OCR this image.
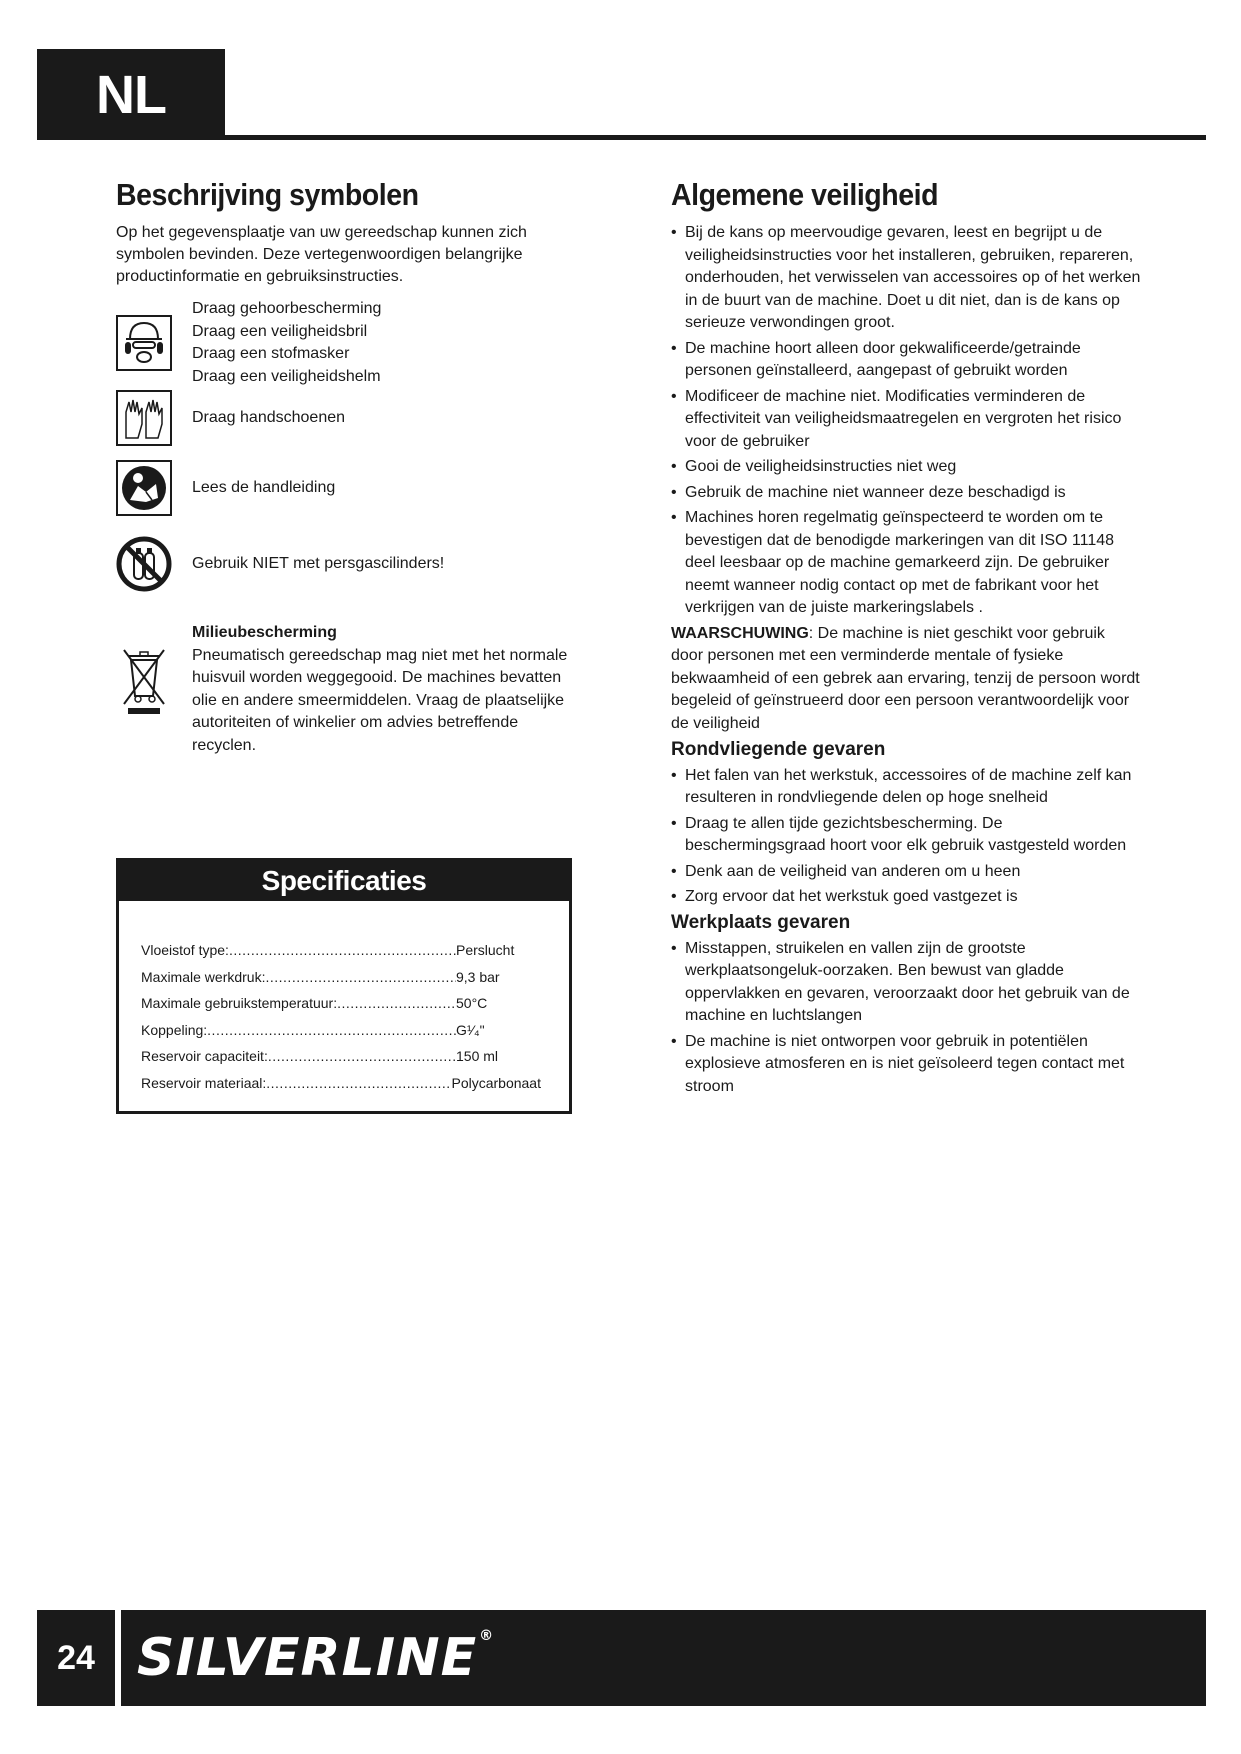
NL
Beschrijving symbolen

Op het gegevensplaatje van uw gereedschap kunnen zich symbolen bevinden. Deze vertegenwoordigen belangrijke productinformatie en gebruiksinstructies.

Draag gehoorbescherming
Draag een veiligheidsbril
Draag een stofmasker
Draag een veiligheidshelm
Draag handschoenen
Lees de handleiding
Gebruik NIET met persgascilinders!
Milieubescherming
Pneumatisch gereedschap mag niet met het normale huisvuil worden weggegooid. De machines bevatten olie en andere smeermiddelen. Vraag de plaatselijke autoriteiten of winkelier om advies betreffende recyclen.
Specificaties
Vloeistof type: .....	Perslucht
Maximale werkdruk: .....	9,3 bar
Maximale gebruikstemperatuur: .....	50°C
Koppeling: .....	G¹⁄₄"
Reservoir capaciteit: .....	150 ml
Reservoir materiaal: .....	Polycarbonaat
Algemene veiligheid
• Bij de kans op meervoudige gevaren, leest en begrijpt u de veiligheidsinstructies voor het installeren, gebruiken, repareren, onderhouden, het verwisselen van accessoires op of het werken in de buurt van de machine. Doet u dit niet, dan is de kans op serieuze verwondingen groot.
• De machine hoort alleen door gekwalificeerde/getrainde personen geïnstalleerd, aangepast of gebruikt worden
• Modificeer de machine niet. Modificaties verminderen de effectiviteit van veiligheidsmaatregelen en vergroten het risico voor de gebruiker
• Gooi de veiligheidsinstructies niet weg
• Gebruik de machine niet wanneer deze beschadigd is
• Machines horen regelmatig geïnspecteerd te worden om te bevestigen dat de benodigde markeringen van dit ISO 11148 deel leesbaar op de machine gemarkeerd zijn. De gebruiker neemt wanneer nodig contact op met de fabrikant voor het verkrijgen van de juiste markeringslabels .

WAARSCHUWING: De machine is niet geschikt voor gebruik door personen met een verminderde mentale of fysieke bekwaamheid of een gebrek aan ervaring, tenzij de persoon wordt begeleid of geïnstrueerd door een persoon verantwoordelijk voor de veiligheid

Rondvliegende gevaren
• Het falen van het werkstuk, accessoires of de machine zelf kan resulteren in rondvliegende delen op hoge snelheid
• Draag te allen tijde gezichtsbescherming. De beschermingsgraad hoort voor elk gebruik vastgesteld worden
• Denk aan de veiligheid van anderen om u heen
• Zorg ervoor dat het werkstuk goed vastgezet is
Werkplaats gevaren
• Misstappen, struikelen en vallen zijn de grootste werkplaatsongeluk-oorzaken. Ben bewust van gladde oppervlakken en gevaren, veroorzaakt door het gebruik van de machine en luchtslangen
• De machine is niet ontworpen voor gebruik in potentiëlen explosieve atmosferen en is niet geïsoleerd tegen contact met stroom
24 SILVERLINE ®
